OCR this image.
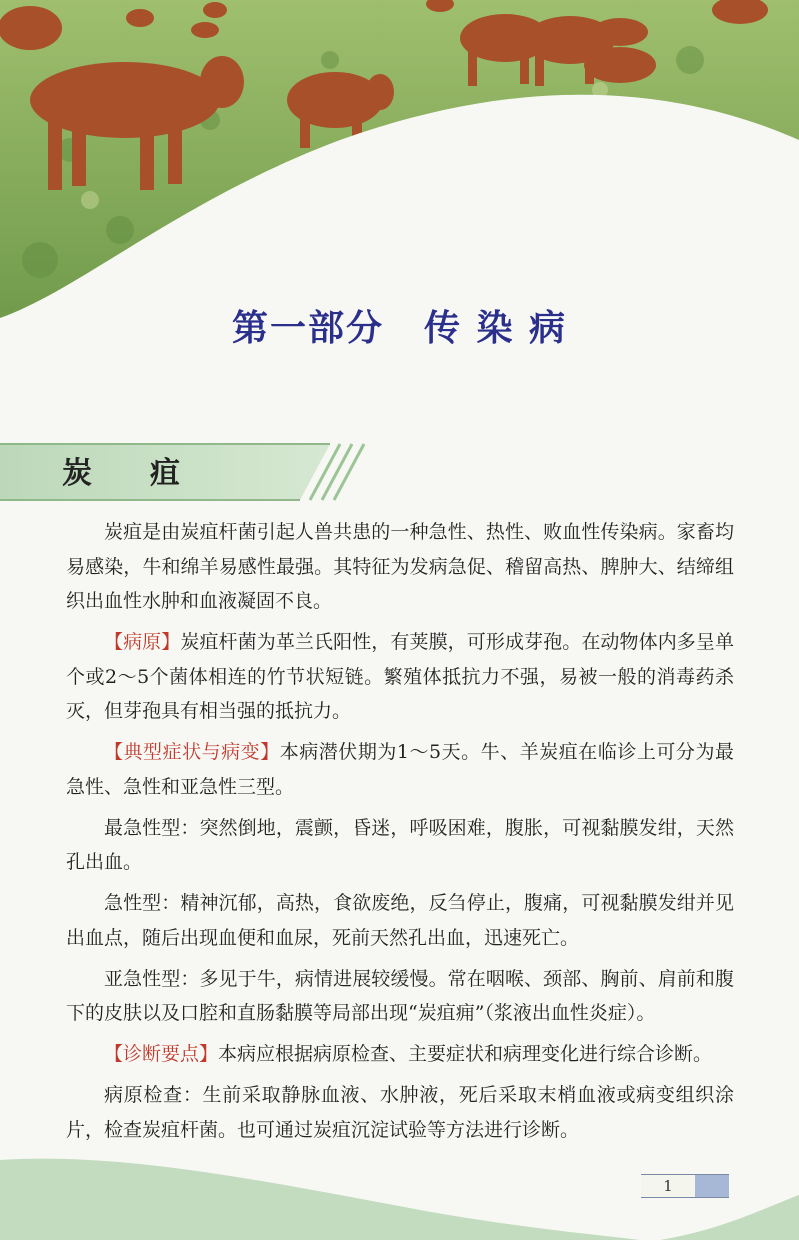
第一部分 传 染 病
炭疽

炭疽是由炭疽杆菌引起人兽共患的一种急性、热性、败血性传染病。家畜均易感染，牛和绵羊易感性最强。其特征为发病急促、稽留高热、脾肿大、结缔组织出血性水肿和血液凝固不良。

【病原】炭疽杆菌为革兰氏阳性，有荚膜，可形成芽孢。在动物体内多呈单个或2～5个菌体相连的竹节状短链。繁殖体抵抗力不强，易被一般的消毒药杀灭，但芽孢具有相当强的抵抗力。

【典型症状与病变】本病潜伏期为1～5天。牛、羊炭疽在临诊上可分为最急性、急性和亚急性三型。

最急性型：突然倒地，震颤，昏迷，呼吸困难，腹胀，可视黏膜发绀，天然孔出血。

急性型：精神沉郁，高热，食欲废绝，反刍停止，腹痛，可视黏膜发绀并见出血点，随后出现血便和血尿，死前天然孔出血，迅速死亡。

亚急性型：多见于牛，病情进展较缓慢。常在咽喉、颈部、胸前、肩前和腹下的皮肤以及口腔和直肠黏膜等局部出现“炭疽痈”（浆液出血性炎症）。

【诊断要点】本病应根据病原检查、主要症状和病理变化进行综合诊断。

病原检查：生前采取静脉血液、水肿液，死后采取末梢血液或病变组织涂片，检查炭疽杆菌。也可通过炭疽沉淀试验等方法进行诊断。

1
